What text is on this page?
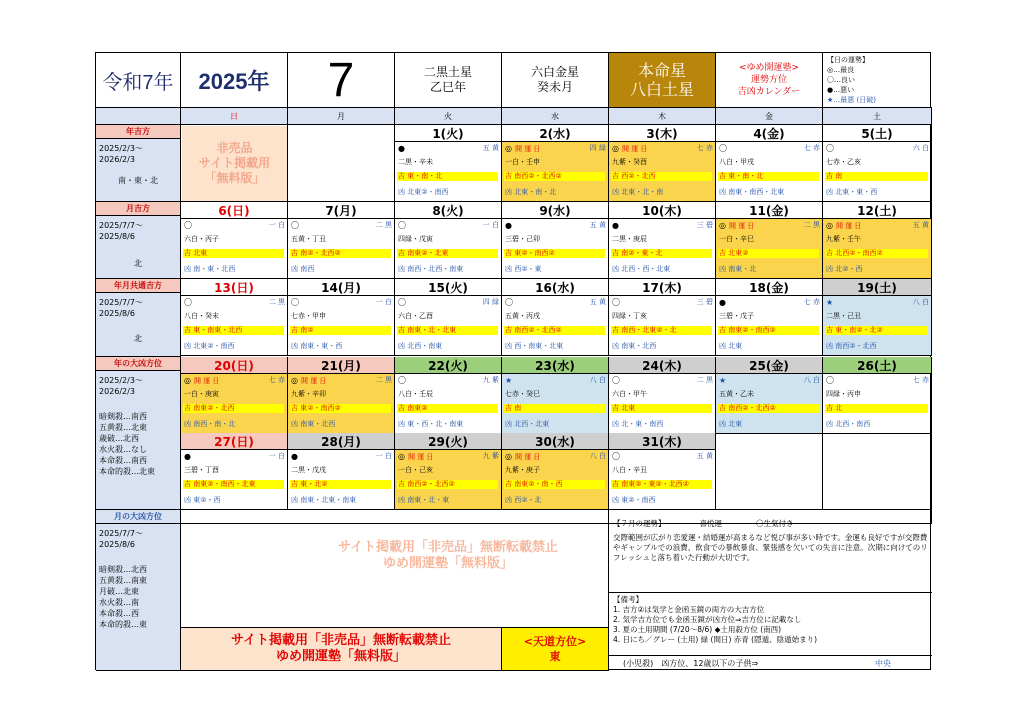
令和7年	2025年	7	二黒土星
乙巳年
六白金星
癸未月
本命星
八白土星
<ゆめ開運塾>
運勢方位
吉凶カレンダー
【日の運勢】
◎…最良
〇…良い
●…悪い
★…最悪 (日破)
日	月	火	水	木	金	土
1(火)
●	五 黄
二黒・辛未
吉 東・南・北
凶 北東②・南西
2(水)
◎ 開 運 日	四 緑
一白・壬申
吉 南西②・北西②
凶 北東・南・北
3(木)
◎ 開 運 日	七 赤
九紫・癸酉
吉 西②・北西
凶 北東・北・南
4(金)
〇	七 赤
八白・甲戌
吉 東・南・北
凶 南東・南西・北東
5(土)
〇	六 白
七赤・乙亥
吉 南
凶 北東・東・西
6(日)
〇	一 白
六白・丙子
吉 北東
凶 南・東・北西
7(月)
〇	二 黒
五黄・丁丑
吉 南②・北西②
凶 南西
8(火)
〇	一 白
四緑・戊寅
吉 南東②・北東
凶 南西・北西・南東
9(水)
●	五 黄
三碧・己卯
吉 東②・南西②
凶 西②・東
10(木)
●	三 碧
二黒・庚辰
吉 南②・東・北
凶 北西・西・北東
11(金)
◎ 開 運 日	二 黒
一白・辛巳
吉 北東②
凶 南東・北
12(土)
◎ 開 運 日	五 黄
九紫・壬午
吉 北西②・南西②
凶 北②・西
13(日)
〇	二 黒
八白・癸未
吉 東・南東・北西
凶 北東②・南西
14(月)
〇	一 白
七赤・甲申
吉 南②
凶 南東・東・西
15(火)
〇	四 緑
六白・乙酉
吉 南東・北・北東
凶 北西・南東
16(水)
〇	五 黄
五黄・丙戌
吉 南西②・北西②
凶 西・南東・北東
17(木)
〇	三 碧
四緑・丁亥
吉 南西・北東②・北
凶 南東・北西
18(金)
●	七 赤
三碧・戊子
吉 南東②・南西②
凶 北東
19(土)
★	八 白
二黒・己丑
吉 東・南②・北②
凶 南西②・北西
20(日)
◎ 開 運 日	七 赤
一白・庚寅
吉 南東②・北西
凶 南西・南・北
21(月)
◎ 開 運 日	二 黒
九紫・辛卯
吉 東②・南西②
凶 南東・北西
22(火)
〇	九 紫
八白・壬辰
吉 南東②
凶 東・西・北・南東
23(水)
★	八 白
七赤・癸巳
吉 南
凶 北西・北東
24(木)
〇	二 黒
六白・甲午
吉 北東
凶 北・東・南西
25(金)
★	八 白
五黄・乙未
吉 南西②・北西②
凶 北東
26(土)
〇	七 赤
四緑・丙申
吉 北
凶 北西・南西
27(日)
●	一 白
三碧・丁酉
吉 南東②・南西・北東
凶 東②・西
28(月)
●	一 白
二黒・戊戌
吉 東・北②
凶 南東・北東・南東
29(火)
◎ 開 運 日	九 紫
一白・己亥
吉 南西②・北西②
凶 南東・北・東
30(水)
◎ 開 運 日	八 白
九紫・庚子
吉 南東②・南・西
凶 西②・北
31(木)
〇	五 黄
八白・辛丑
吉 南東②・東②・北西②
凶 東②・南西
年吉方
2025/2/3～
2026/2/3
南・東・北
月吉方
2025/7/7～
2025/8/6
北
年月共通吉方
2025/7/7～
2025/8/6
北
年の大凶方位
2025/2/3～
2026/2/3
暗剣殺…南西
五黄殺…北東
歳破…北西
水火殺…なし
本命殺…南西
本命的殺…北東
月の大凶方位
2025/7/7～
2025/8/6
暗剣殺…北西
五黄殺…南東
月破…北東
水火殺…南
本命殺…西
本命的殺…東
非売品
サイト掲載用
「無料版」
サイト掲載用「非売品」無断転載禁止
ゆめ開運塾「無料版」
サイト掲載用「非売品」無断転載禁止
ゆめ開運塾「無料版」
<天道方位>
東
【７月の運勢】	喜悦運	〇生気付き
交際範囲が広がり恋愛運・結婚運が高まるなど悦び事が多い時です。金運も良好ですが交際費やギャンブルでの浪費、飲食での暴飲暴食、緊張感を欠いての失言に注意。次期に向けてのリフレッシュと落ち着いた行動が大切です。
【備考】
1. 吉方②は気学と金函玉鏡の両方の大吉方位
2. 気学吉方位でも金函玉鏡が凶方位⇒吉方位に記載なし
3. 夏の土用期間 (7/20～8/6) ◆土用殺方位 (南西)
4. 日にち／グレー (土用) 緑 (間日) 赤青 (隠遁、陰遁始まり)
(小児殺)　凶方位、12歳以下の子供⇒	中央
